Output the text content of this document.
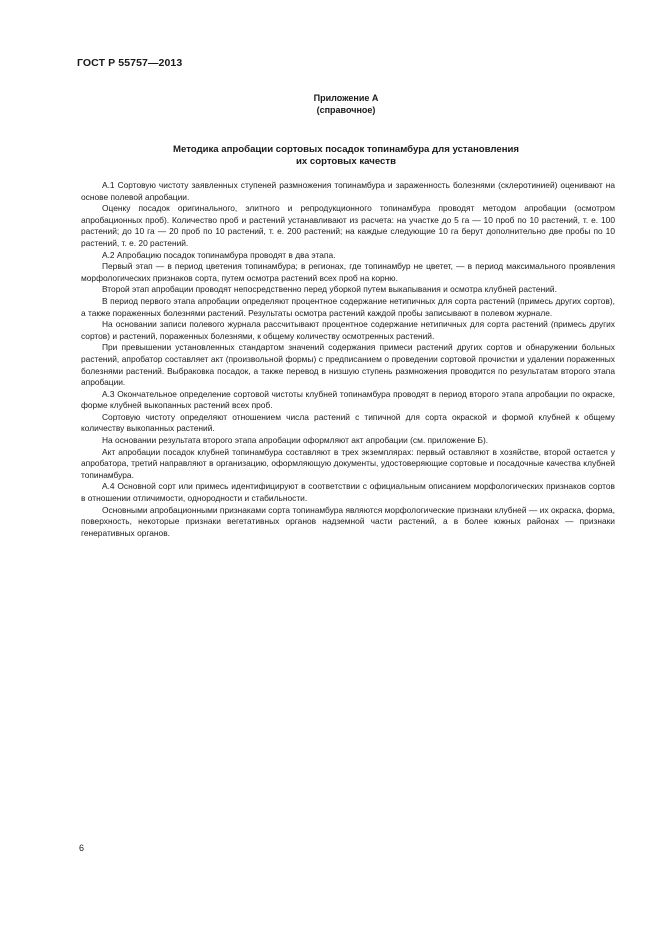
ГОСТ Р 55757—2013
Приложение А
(справочное)
Методика апробации сортовых посадок топинамбура для установления
их сортовых качеств

А.1 Сортовую чистоту заявленных ступеней размножения топинамбура и зараженность болезнями (склеротинией) оценивают на основе полевой апробации.

Оценку посадок оригинального, элитного и репродукционного топинамбура проводят методом апробации (осмотром апробационных проб). Количество проб и растений устанавливают из расчета: на участке до 5 га — 10 проб по 10 растений, т. е. 100 растений; до 10 га — 20 проб по 10 растений, т. е. 200 растений; на каждые следующие 10 га берут дополнительно две пробы по 10 растений, т. е. 20 растений.

А.2 Апробацию посадок топинамбура проводят в два этапа.

Первый этап — в период цветения топинамбура; в регионах, где топинамбур не цветет, — в период максимального проявления морфологических признаков сорта, путем осмотра растений всех проб на корню.

Второй этап апробации проводят непосредственно перед уборкой путем выкапывания и осмотра клубней растений.

В период первого этапа апробации определяют процентное содержание нетипичных для сорта растений (примесь других сортов), а также пораженных болезнями растений. Результаты осмотра растений каждой пробы записывают в полевом журнале.

На основании записи полевого журнала рассчитывают процентное содержание нетипичных для сорта растений (примесь других сортов) и растений, пораженных болезнями, к общему количеству осмотренных растений.

При превышении установленных стандартом значений содержания примеси растений других сортов и обнаружении больных растений, апробатор составляет акт (произвольной формы) с предписанием о проведении сортовой прочистки и удалении пораженных болезнями растений. Выбраковка посадок, а также перевод в низшую ступень размножения проводится по результатам второго этапа апробации.

А.3 Окончательное определение сортовой чистоты клубней топинамбура проводят в период второго этапа апробации по окраске, форме клубней выкопанных растений всех проб.

Сортовую чистоту определяют отношением числа растений с типичной для сорта окраской и формой клубней к общему количеству выкопанных растений.

На основании результата второго этапа апробации оформляют акт апробации (см. приложение Б).

Акт апробации посадок клубней топинамбура составляют в трех экземплярах: первый оставляют в хозяйстве, второй остается у апробатора, третий направляют в организацию, оформляющую документы, удостоверяющие сортовые и посадочные качества клубней топинамбура.

А.4 Основной сорт или примесь идентифицируют в соответствии с официальным описанием морфологических признаков сортов в отношении отличимости, однородности и стабильности.

Основными апробационными признаками сорта топинамбура являются морфологические признаки клубней — их окраска, форма, поверхность, некоторые признаки вегетативных органов надземной части растений, а в более южных районах — признаки генеративных органов.

6
